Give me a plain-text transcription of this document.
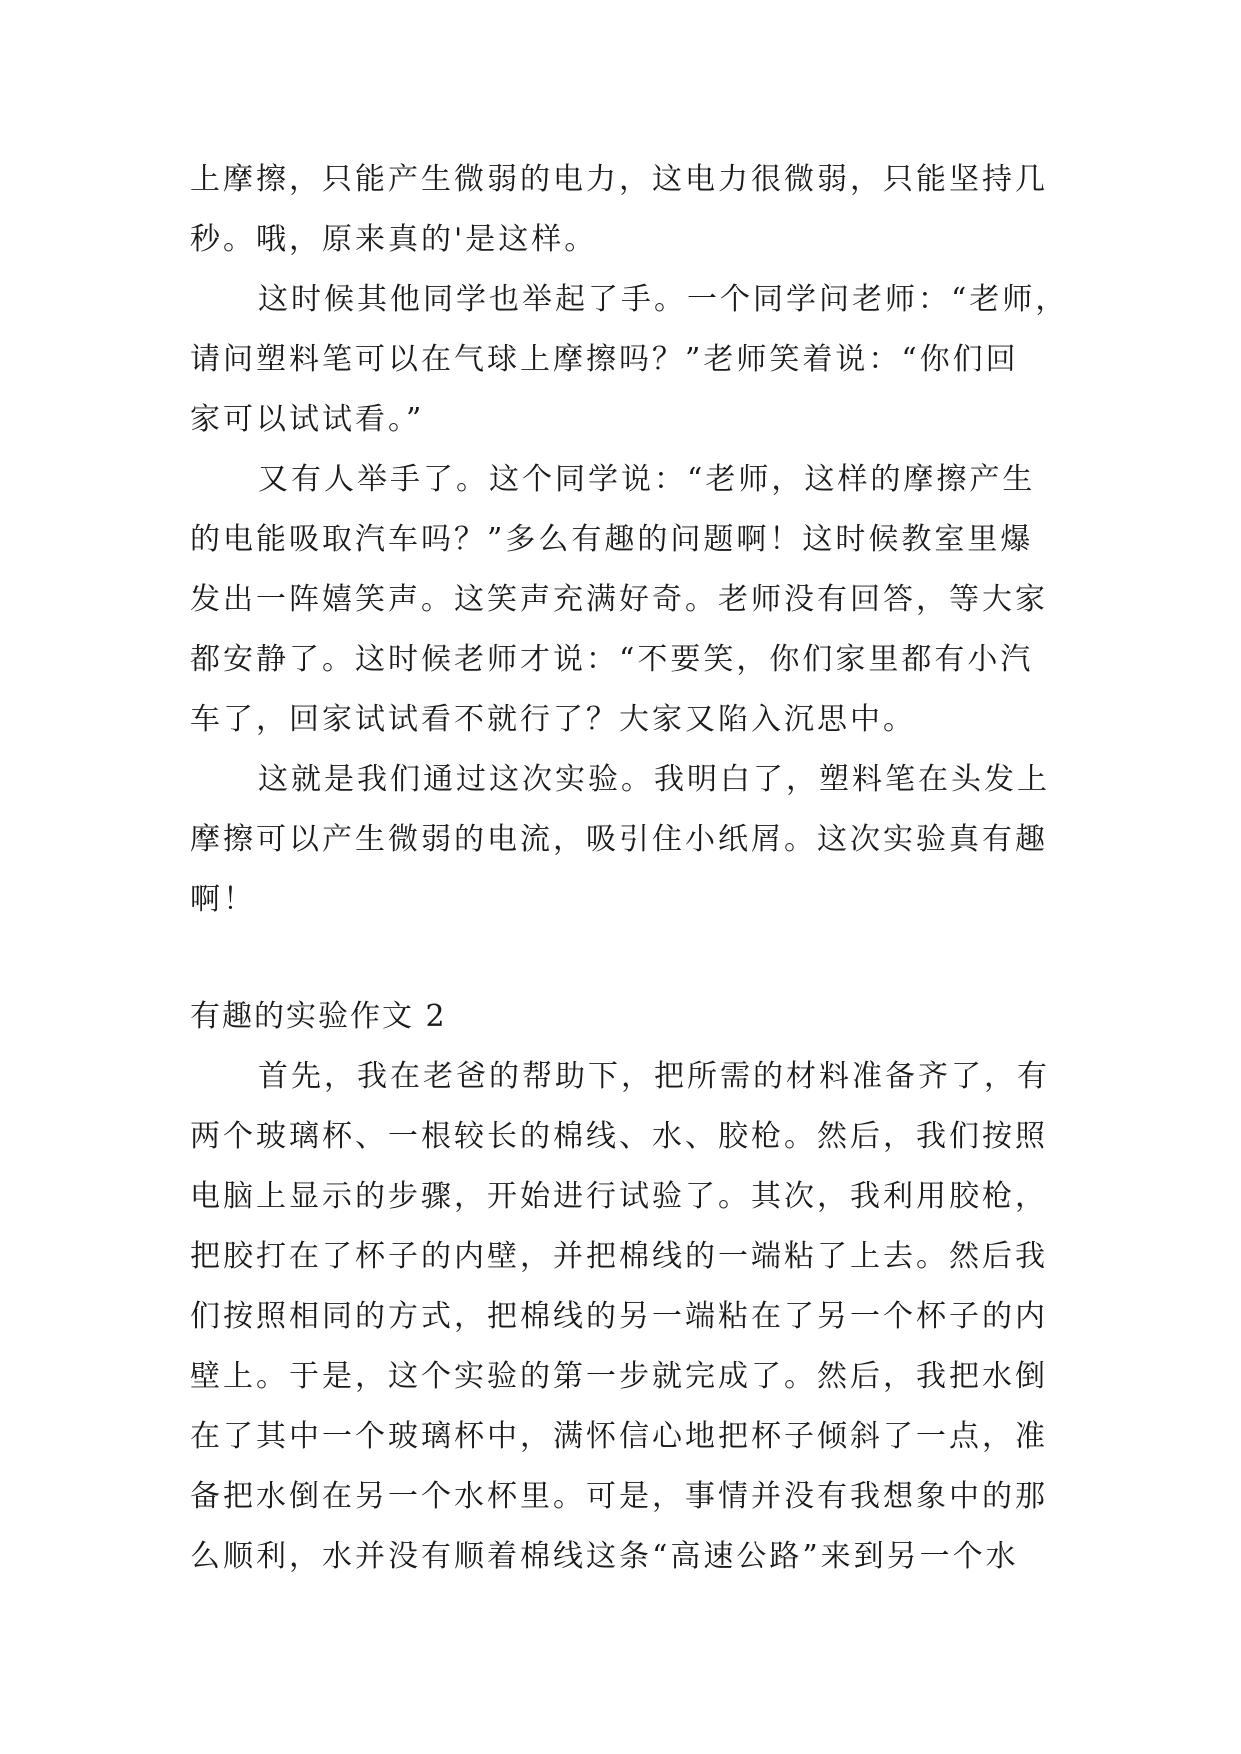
上摩擦，只能产生微弱的电力，这电力很微弱，只能坚持几
秒。哦，原来真的'是这样。
这时候其他同学也举起了手。一个同学问老师：“老师，
请问塑料笔可以在气球上摩擦吗？”老师笑着说：“你们回
家可以试试看。”
又有人举手了。这个同学说：“老师，这样的摩擦产生
的电能吸取汽车吗？”多么有趣的问题啊！这时候教室里爆
发出一阵嬉笑声。这笑声充满好奇。老师没有回答，等大家
都安静了。这时候老师才说：“不要笑，你们家里都有小汽
车了，回家试试看不就行了？大家又陷入沉思中。
这就是我们通过这次实验。我明白了，塑料笔在头发上
摩擦可以产生微弱的电流，吸引住小纸屑。这次实验真有趣
啊！
有趣的实验作文 2
首先，我在老爸的帮助下，把所需的材料准备齐了，有
两个玻璃杯、一根较长的棉线、水、胶枪。然后，我们按照
电脑上显示的步骤，开始进行试验了。其次，我利用胶枪，
把胶打在了杯子的内壁，并把棉线的一端粘了上去。然后我
们按照相同的方式，把棉线的另一端粘在了另一个杯子的内
壁上。于是，这个实验的第一步就完成了。然后，我把水倒
在了其中一个玻璃杯中，满怀信心地把杯子倾斜了一点，准
备把水倒在另一个水杯里。可是，事情并没有我想象中的那
么顺利，水并没有顺着棉线这条“高速公路”来到另一个水
